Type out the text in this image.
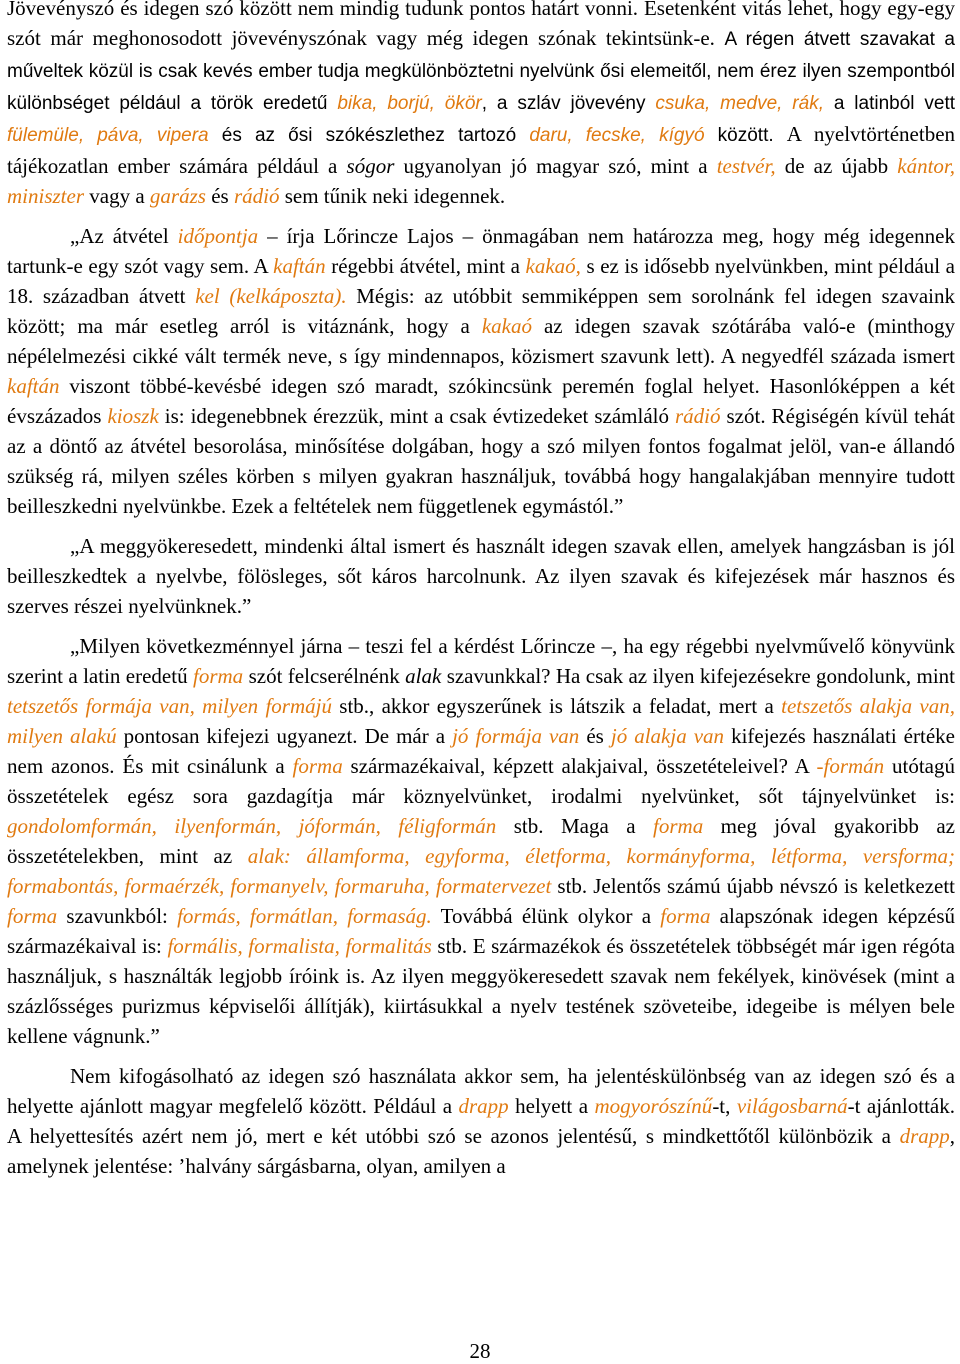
Jövevényszó és idegen szó között nem mindig tudunk pontos határt vonni. Esetenként vitás lehet, hogy egy-egy szót már meghonosodott jövevényszónak vagy még idegen szónak tekintsünk-e. A régen átvett szavakat a műveltek közül is csak kevés ember tudja megkülönböztetni nyelvünk ősi elemeitől, nem érez ilyen szempontból különbséget például a török eredetű bika, borjú, ökör, a szláv jövevény csuka, medve, rák, a latinból vett fülemüle, páva, vipera és az ősi szókészlethez tartozó daru, fecske, kígyó között. A nyelvtörténetben tájékozatlan ember számára például a sógor ugyanolyan jó magyar szó, mint a testvér, de az újabb kántor, miniszter vagy a garázs és rádió sem tűnik neki idegennek.

„Az átvétel időpontja – írja Lőrincze Lajos – önmagában nem határozza meg, hogy még idegennek tartunk-e egy szót vagy sem. A kaftán régebbi átvétel, mint a kakaó, s ez is idősebb nyelvünkben, mint például a 18. században átvett kel (kelkáposzta). Mégis: az utóbbit semmiképpen sem sorolnánk fel idegen szavaink között; ma már esetleg arról is vitáznánk, hogy a kakaó az idegen szavak szótárába való-e (minthogy népélelmezési cikké vált termék neve, s így mindennapos, közismert szavunk lett). A negyedfél százada ismert kaftán viszont többé-kevésbé idegen szó maradt, szókincsünk peremén foglal helyet. Hasonlóképpen a két évszázados kioszk is: idegenebbnek érezzük, mint a csak évtizedeket számláló rádió szót. Régiségén kívül tehát az a döntő az átvétel besorolása, minősítése dolgában, hogy a szó milyen fontos fogalmat jelöl, van-e állandó szükség rá, milyen széles körben s milyen gyakran használjuk, továbbá hogy hangalakjában mennyire tudott beilleszkedni nyelvünkbe. Ezek a feltételek nem függetlenek egymástól.”

„A meggyökeresedett, mindenki által ismert és használt idegen szavak ellen, amelyek hangzásban is jól beilleszkedtek a nyelvbe, fölösleges, sőt káros harcolnunk. Az ilyen szavak és kifejezések már hasznos és szerves részei nyelvünknek.”

„Milyen következménnyel járna – teszi fel a kérdést Lőrincze –, ha egy régebbi nyelvművelő könyvünk szerint a latin eredetű forma szót felcserélnénk alak szavunkkal? Ha csak az ilyen kifejezésekre gondolunk, mint tetszetős formája van, milyen formájú stb., akkor egyszerűnek is látszik a feladat, mert a tetszetős alakja van, milyen alakú pontosan kifejezi ugyanezt. De már a jó formája van és jó alakja van kifejezés használati értéke nem azonos. És mit csinálunk a forma származékaival, képzett alakjaival, összetételeivel? A -formán utótagú összetételek egész sora gazdagítja már köznyelvünket, irodalmi nyelvünket, sőt tájnyelvünket is: gondolomformán, ilyenformán, jóformán, féligformán stb. Maga a forma meg jóval gyakoribb az összetételekben, mint az alak: államforma, egyforma, életforma, kormányforma, létforma, versforma; formabontás, formaérzék, formanyelv, formaruha, formatervezet stb. Jelentős számú újabb névszó is keletkezett forma szavunkból: formás, formátlan, formaság. Továbbá élünk olykor a forma alapszónak idegen képzésű származékaival is: formális, formalista, formalitás stb. E származékok és összetételek többségét már igen régóta használjuk, s használták legjobb íróink is. Az ilyen meggyökeresedett szavak nem fekélyek, kinövések (mint a százlősséges purizmus képviselői állítják), kiirtásukkal a nyelv testének szöveteibe, idegeibe is mélyen bele kellene vágnunk.”

Nem kifogásolható az idegen szó használata akkor sem, ha jelentéskülönbség van az idegen szó és a helyette ajánlott magyar megfelelő között. Például a drapp helyett a mogyorószínű-t, világosbarná-t ajánlották. A helyettesítés azért nem jó, mert e két utóbbi szó se azonos jelentésű, s mindkettőtől különbözik a drapp, amelynek jelentése: ’halvány sárgásbarna, olyan, amilyen a

28
